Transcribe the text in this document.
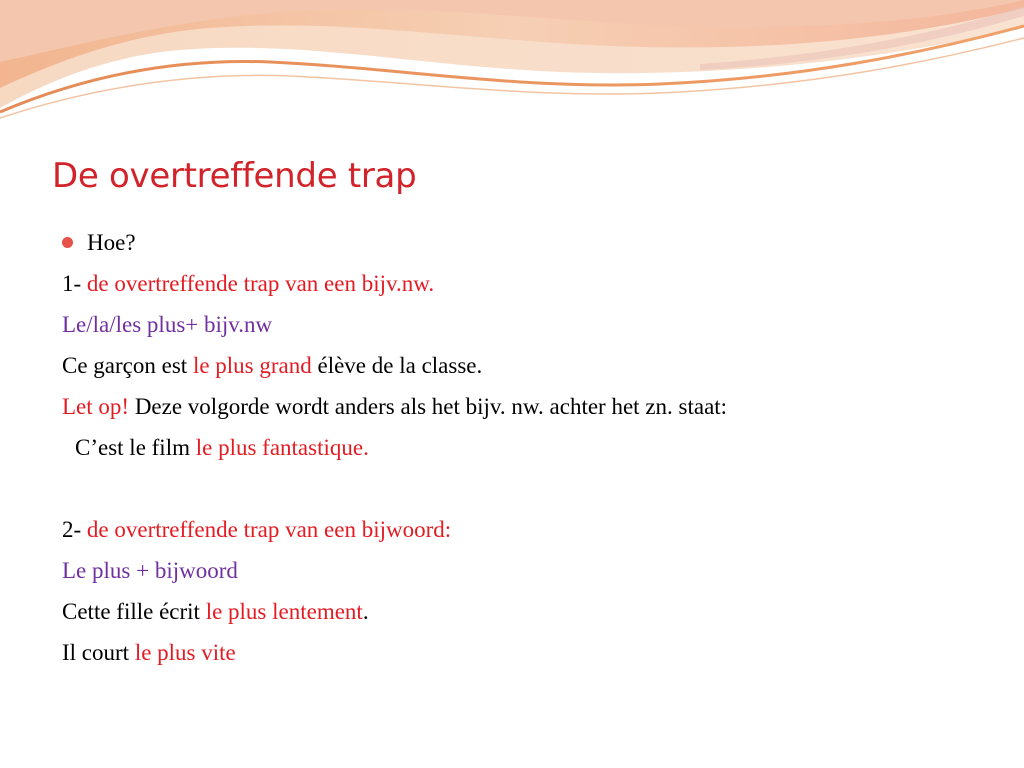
De overtreffende trap
Hoe?
1- de overtreffende trap van een bijv.nw.
Le/la/les plus+ bijv.nw
Ce garçon est le plus grand élève de la classe.
Let op! Deze volgorde wordt anders als het bijv. nw. achter het zn. staat:
C’est le film le plus fantastique.
2- de overtreffende trap van een bijwoord:
Le plus + bijwoord
Cette fille écrit le plus lentement.
Il court le plus vite
